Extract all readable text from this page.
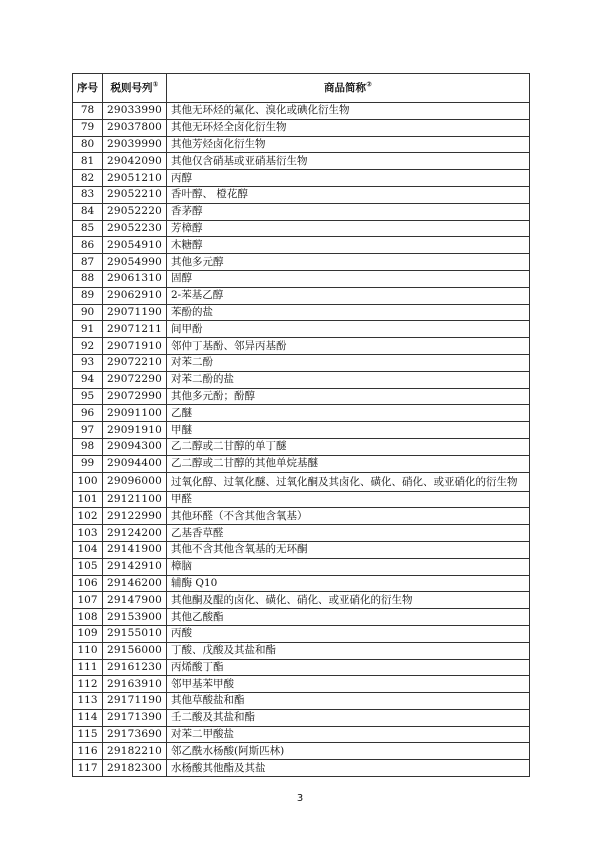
序号	税则号列①	商品简称②
78	29033990	其他无环烃的氟化、溴化或碘化衍生物
79	29037800	其他无环烃全卤化衍生物
80	29039990	其他芳烃卤化衍生物
81	29042090	其他仅含硝基或亚硝基衍生物
82	29051210	丙醇
83	29052210	香叶醇、 橙花醇
84	29052220	香茅醇
85	29052230	芳樟醇
86	29054910	木糖醇
87	29054990	其他多元醇
88	29061310	固醇
89	29062910	2-苯基乙醇
90	29071190	苯酚的盐
91	29071211	间甲酚
92	29071910	邻仲丁基酚、邻异丙基酚
93	29072210	对苯二酚
94	29072290	对苯二酚的盐
95	29072990	其他多元酚；酚醇
96	29091100	乙醚
97	29091910	甲醚
98	29094300	乙二醇或二甘醇的单丁醚
99	29094400	乙二醇或二甘醇的其他单烷基醚
100	29096000	过氧化醇、过氧化醚、过氧化酮及其卤化、磺化、硝化、或亚硝化的衍生物
101	29121100	甲醛
102	29122990	其他环醛（不含其他含氧基）
103	29124200	乙基香草醛
104	29141900	其他不含其他含氧基的无环酮
105	29142910	樟脑
106	29146200	辅酶 Q10
107	29147900	其他酮及醌的卤化、磺化、硝化、或亚硝化的衍生物
108	29153900	其他乙酸酯
109	29155010	丙酸
110	29156000	丁酸、戊酸及其盐和酯
111	29161230	丙烯酸丁酯
112	29163910	邻甲基苯甲酸
113	29171190	其他草酸盐和酯
114	29171390	壬二酸及其盐和酯
115	29173690	对苯二甲酸盐
116	29182210	邻乙酰水杨酸(阿斯匹林)
117	29182300	水杨酸其他酯及其盐
3
